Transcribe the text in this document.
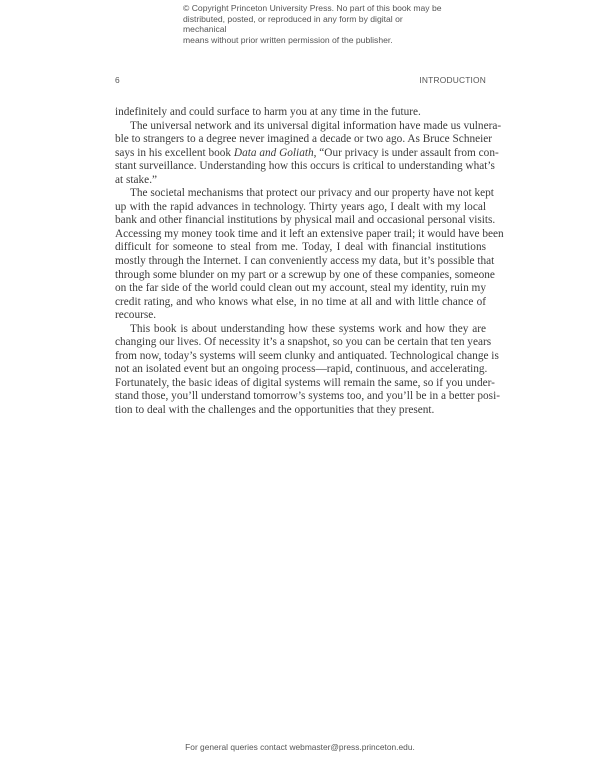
© Copyright Princeton University Press. No part of this book may be
distributed, posted, or reproduced in any form by digital or mechanical
means without prior written permission of the publisher.
6	INTRODUCTION

indefinitely and could surface to harm you at any time in the future.

The universal network and its universal digital information have made us vulnera-
ble to strangers to a degree never imagined a decade or two ago. As Bruce Schneier
says in his excellent book Data and Goliath, “Our privacy is under assault from con-
stant surveillance. Understanding how this occurs is critical to understanding what’s
at stake.”

The societal mechanisms that protect our privacy and our property have not kept
up with the rapid advances in technology. Thirty years ago, I dealt with my local
bank and other financial institutions by physical mail and occasional personal visits.
Accessing my money took time and it left an extensive paper trail; it would have been
difficult for someone to steal from me. Today, I deal with financial institutions
mostly through the Internet. I can conveniently access my data, but it’s possible that
through some blunder on my part or a screwup by one of these companies, someone
on the far side of the world could clean out my account, steal my identity, ruin my
credit rating, and who knows what else, in no time at all and with little chance of
recourse.

This book is about understanding how these systems work and how they are
changing our lives. Of necessity it’s a snapshot, so you can be certain that ten years
from now, today’s systems will seem clunky and antiquated. Technological change is
not an isolated event but an ongoing process—rapid, continuous, and accelerating.
Fortunately, the basic ideas of digital systems will remain the same, so if you under-
stand those, you’ll understand tomorrow’s systems too, and you’ll be in a better posi-
tion to deal with the challenges and the opportunities that they present.

For general queries contact webmaster@press.princeton.edu.
